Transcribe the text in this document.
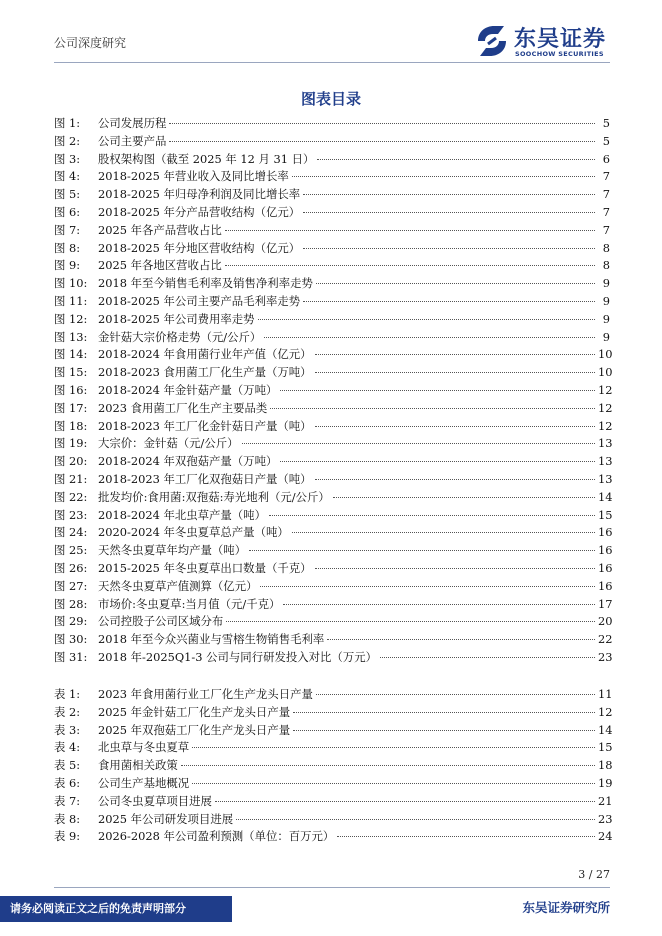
公司深度研究	东吴证券
SOOCHOW SECURITIES
图表目录
图 1:	公司发展历程	5
图 2:	公司主要产品	5
图 3:	股权架构图（截至 2025 年 12 月 31 日）	6
图 4:	2018-2025 年营业收入及同比增长率	7
图 5:	2018-2025 年归母净利润及同比增长率	7
图 6:	2018-2025 年分产品营收结构（亿元）	7
图 7:	2025 年各产品营收占比	7
图 8:	2018-2025 年分地区营收结构（亿元）	8
图 9:	2025 年各地区营收占比	8
图 10: 2018 年至今销售毛利率及销售净利率走势	9
图 11: 2018-2025 年公司主要产品毛利率走势	9
图 12: 2018-2025 年公司费用率走势	9
图 13: 金针菇大宗价格走势（元/公斤）	9
图 14: 2018-2024 年食用菌行业年产值（亿元）	10
图 15: 2018-2023 食用菌工厂化生产量（万吨）	10
图 16: 2018-2024 年金针菇产量（万吨）	12
图 17: 2023 食用菌工厂化生产主要品类	12
图 18: 2018-2023 年工厂化金针菇日产量（吨）	12
图 19: 大宗价：金针菇（元/公斤）	13
图 20: 2018-2024 年双孢菇产量（万吨）	13
图 21: 2018-2023 年工厂化双孢菇日产量（吨）	13
图 22: 批发均价:食用菌:双孢菇:寿光地利（元/公斤）	14
图 23: 2018-2024 年北虫草产量（吨）	15
图 24: 2020-2024 年冬虫夏草总产量（吨）	16
图 25: 天然冬虫夏草年均产量（吨）	16
图 26: 2015-2025 年冬虫夏草出口数量（千克）	16
图 27: 天然冬虫夏草产值测算（亿元）	16
图 28: 市场价:冬虫夏草:当月值（元/千克）	17
图 29: 公司控股子公司区域分布	20
图 30: 2018 年至今众兴菌业与雪榕生物销售毛利率	22
图 31: 2018 年-2025Q1-3 公司与同行研发投入对比（万元）	23
表 1:	2023 年食用菌行业工厂化生产龙头日产量	11
表 2:	2025 年金针菇工厂化生产龙头日产量	12
表 3:	2025 年双孢菇工厂化生产龙头日产量	14
表 4:	北虫草与冬虫夏草	15
表 5:	食用菌相关政策	18
表 6:	公司生产基地概况	19
表 7:	公司冬虫夏草项目进展	21
表 8:	2025 年公司研发项目进展	23
表 9:	2026-2028 年公司盈利预测（单位：百万元）	24
3 / 27
请务必阅读正文之后的免责声明部分	东吴证券研究所
